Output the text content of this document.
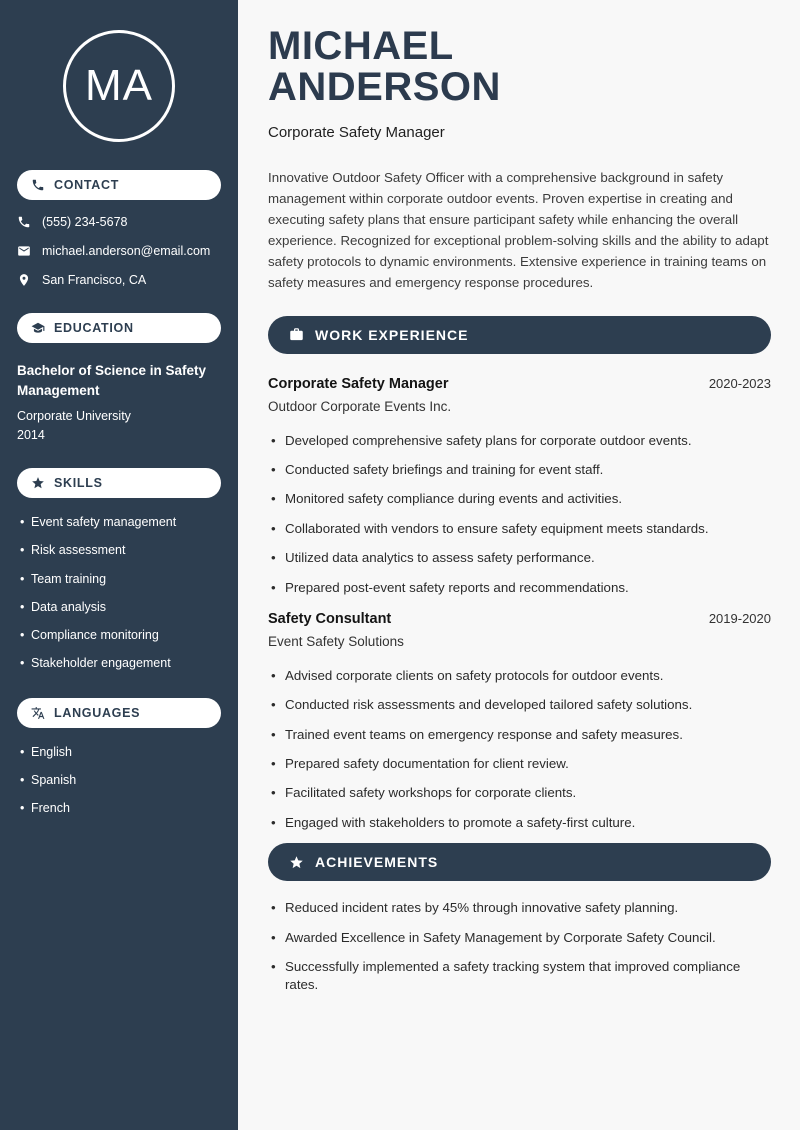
MA
CONTACT
(555) 234-5678
michael.anderson@email.com
San Francisco, CA
EDUCATION
Bachelor of Science in Safety Management
Corporate University
2014
SKILLS
• Event safety management
• Risk assessment
• Team training
• Data analysis
• Compliance monitoring
• Stakeholder engagement
LANGUAGES
• English
• Spanish
• French
MICHAEL
ANDERSON
Corporate Safety Manager

Innovative Outdoor Safety Officer with a comprehensive background in safety management within corporate outdoor events. Proven expertise in creating and executing safety plans that ensure participant safety while enhancing the overall experience. Recognized for exceptional problem-solving skills and the ability to adapt safety protocols to dynamic environments. Extensive experience in training teams on safety measures and emergency response procedures.

WORK EXPERIENCE
Corporate Safety Manager	2020-2023
Outdoor Corporate Events Inc.
• Developed comprehensive safety plans for corporate outdoor events.
• Conducted safety briefings and training for event staff.
• Monitored safety compliance during events and activities.
• Collaborated with vendors to ensure safety equipment meets standards.
• Utilized data analytics to assess safety performance.
• Prepared post-event safety reports and recommendations.
Safety Consultant	2019-2020
Event Safety Solutions
• Advised corporate clients on safety protocols for outdoor events.
• Conducted risk assessments and developed tailored safety solutions.
• Trained event teams on emergency response and safety measures.
• Prepared safety documentation for client review.
• Facilitated safety workshops for corporate clients.
• Engaged with stakeholders to promote a safety-first culture.
ACHIEVEMENTS
• Reduced incident rates by 45% through innovative safety planning.
• Awarded Excellence in Safety Management by Corporate Safety Council.
• Successfully implemented a safety tracking system that improved compliance rates.
